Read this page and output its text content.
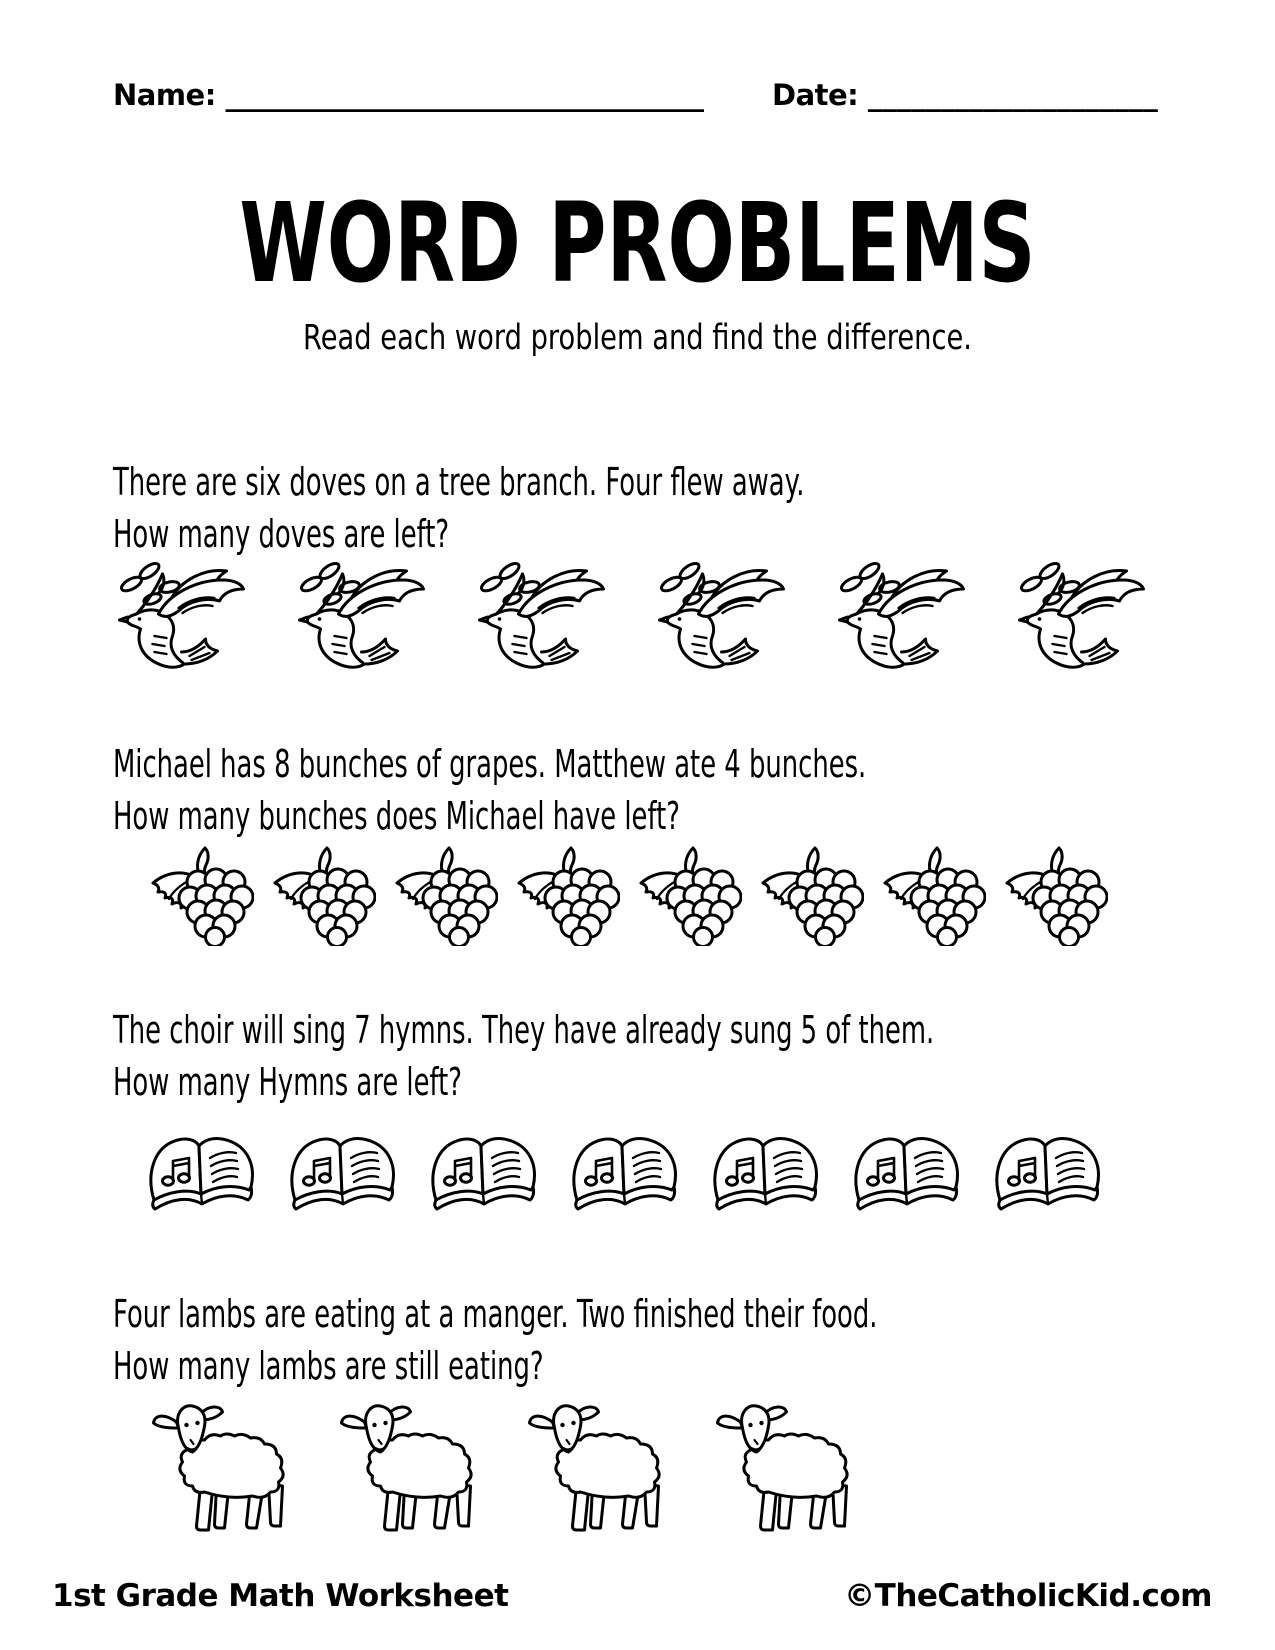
Name: _________________________________ Date: ____________________
WORD PROBLEMS
Read each word problem and find the difference.
There are six doves on a tree branch. Four flew away.
How many doves are left?
Michael has 8 bunches of grapes. Matthew ate 4 bunches.
How many bunches does Michael have left?
The choir will sing 7 hymns. They have already sung 5 of them.
How many Hymns are left?
Four lambs are eating at a manger. Two finished their food.
How many lambs are still eating?
1st Grade Math Worksheet	©TheCatholicKid.com
